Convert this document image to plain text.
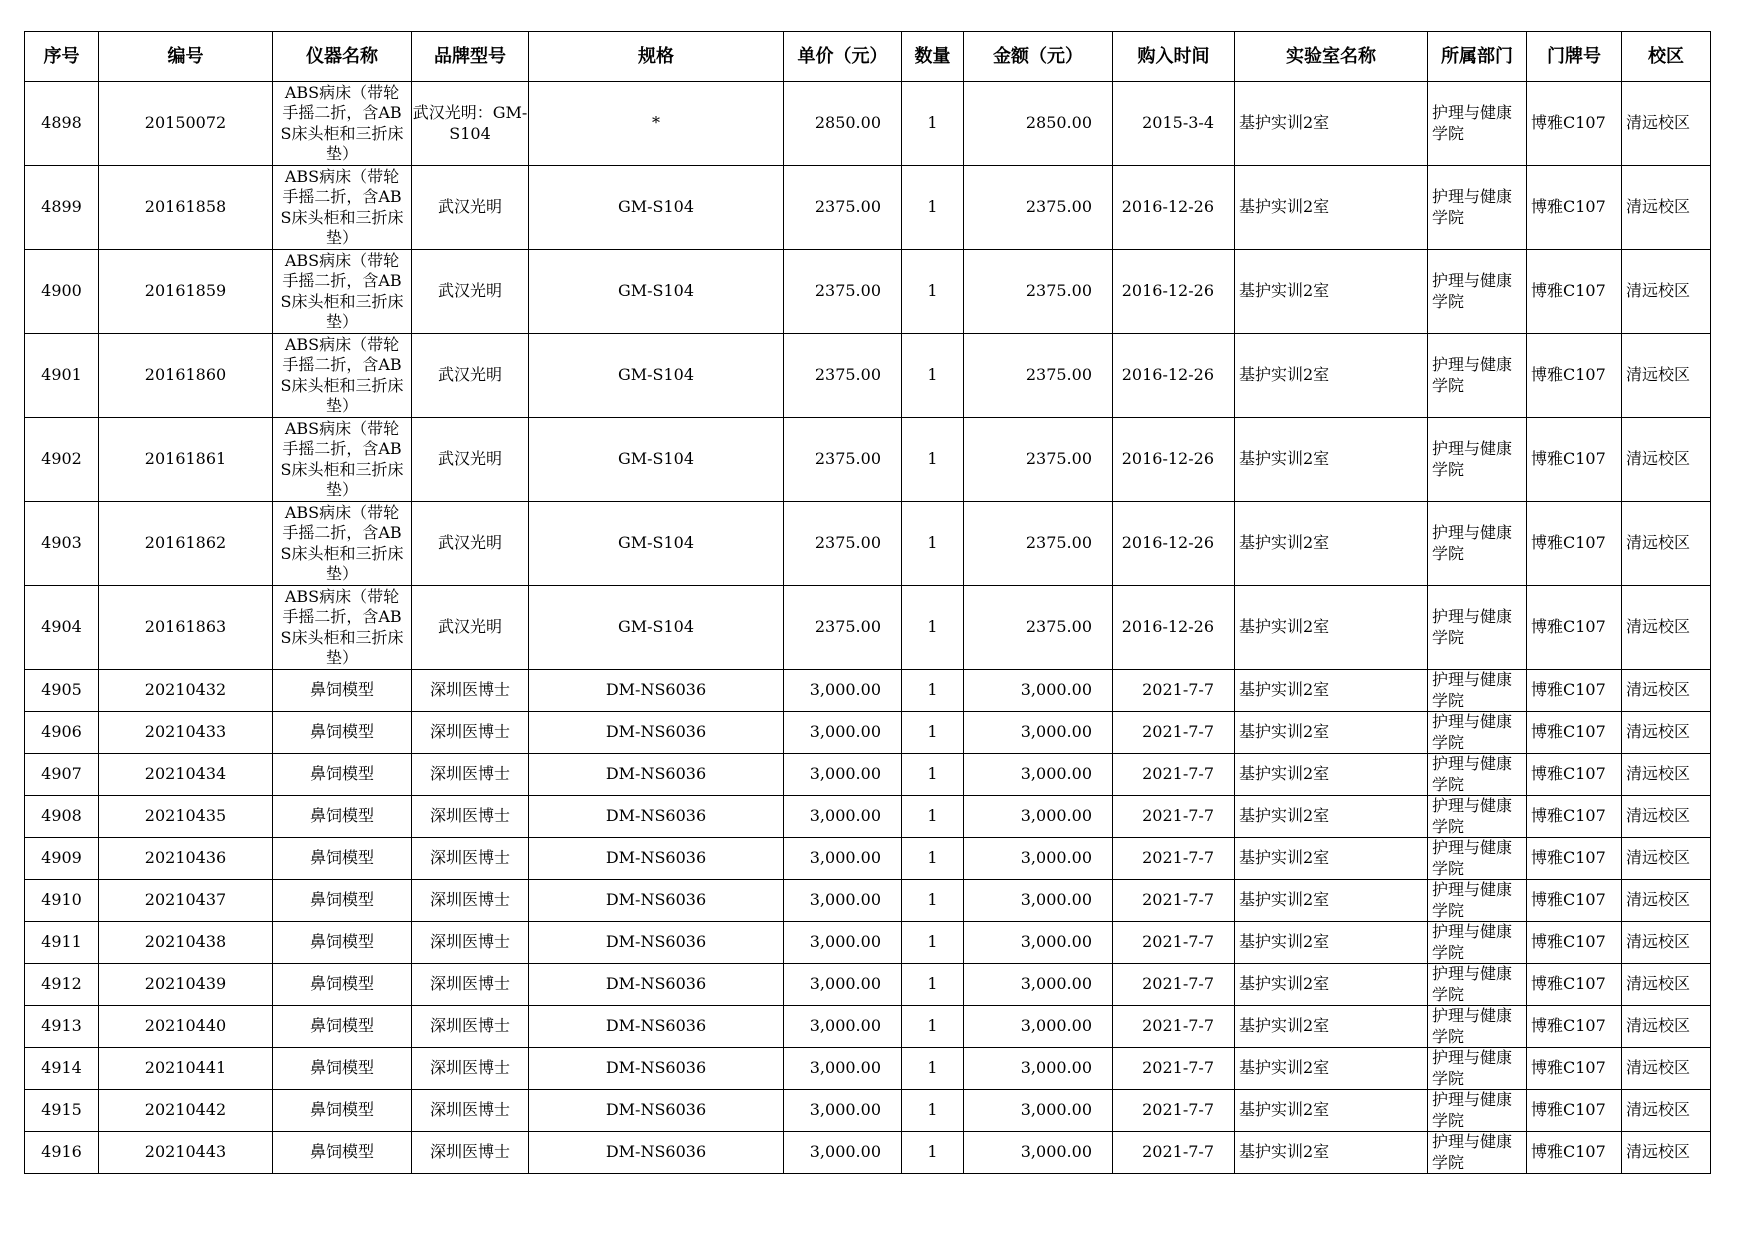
序号	编号	仪器名称	品牌型号	规格	单价（元）	数量	金额（元）	购入时间	实验室名称	所属部门	门牌号	校区
4898	20150072	ABS病床（带轮手摇二折，含ABS床头柜和三折床垫）	武汉光明：GM-S104	*	2850.00	1	2850.00	2015-3-4	基护实训2室	护理与健康学院	博雅C107	清远校区
4899	20161858	ABS病床（带轮手摇二折，含ABS床头柜和三折床垫）	武汉光明	GM-S104	2375.00	1	2375.00	2016-12-26	基护实训2室	护理与健康学院	博雅C107	清远校区
4900	20161859	ABS病床（带轮手摇二折，含ABS床头柜和三折床垫）	武汉光明	GM-S104	2375.00	1	2375.00	2016-12-26	基护实训2室	护理与健康学院	博雅C107	清远校区
4901	20161860	ABS病床（带轮手摇二折，含ABS床头柜和三折床垫）	武汉光明	GM-S104	2375.00	1	2375.00	2016-12-26	基护实训2室	护理与健康学院	博雅C107	清远校区
4902	20161861	ABS病床（带轮手摇二折，含ABS床头柜和三折床垫）	武汉光明	GM-S104	2375.00	1	2375.00	2016-12-26	基护实训2室	护理与健康学院	博雅C107	清远校区
4903	20161862	ABS病床（带轮手摇二折，含ABS床头柜和三折床垫）	武汉光明	GM-S104	2375.00	1	2375.00	2016-12-26	基护实训2室	护理与健康学院	博雅C107	清远校区
4904	20161863	ABS病床（带轮手摇二折，含ABS床头柜和三折床垫）	武汉光明	GM-S104	2375.00	1	2375.00	2016-12-26	基护实训2室	护理与健康学院	博雅C107	清远校区
4905	20210432	鼻饲模型	深圳医博士	DM-NS6036	3,000.00	1	3,000.00	2021-7-7	基护实训2室	护理与健康学院	博雅C107	清远校区
4906	20210433	鼻饲模型	深圳医博士	DM-NS6036	3,000.00	1	3,000.00	2021-7-7	基护实训2室	护理与健康学院	博雅C107	清远校区
4907	20210434	鼻饲模型	深圳医博士	DM-NS6036	3,000.00	1	3,000.00	2021-7-7	基护实训2室	护理与健康学院	博雅C107	清远校区
4908	20210435	鼻饲模型	深圳医博士	DM-NS6036	3,000.00	1	3,000.00	2021-7-7	基护实训2室	护理与健康学院	博雅C107	清远校区
4909	20210436	鼻饲模型	深圳医博士	DM-NS6036	3,000.00	1	3,000.00	2021-7-7	基护实训2室	护理与健康学院	博雅C107	清远校区
4910	20210437	鼻饲模型	深圳医博士	DM-NS6036	3,000.00	1	3,000.00	2021-7-7	基护实训2室	护理与健康学院	博雅C107	清远校区
4911	20210438	鼻饲模型	深圳医博士	DM-NS6036	3,000.00	1	3,000.00	2021-7-7	基护实训2室	护理与健康学院	博雅C107	清远校区
4912	20210439	鼻饲模型	深圳医博士	DM-NS6036	3,000.00	1	3,000.00	2021-7-7	基护实训2室	护理与健康学院	博雅C107	清远校区
4913	20210440	鼻饲模型	深圳医博士	DM-NS6036	3,000.00	1	3,000.00	2021-7-7	基护实训2室	护理与健康学院	博雅C107	清远校区
4914	20210441	鼻饲模型	深圳医博士	DM-NS6036	3,000.00	1	3,000.00	2021-7-7	基护实训2室	护理与健康学院	博雅C107	清远校区
4915	20210442	鼻饲模型	深圳医博士	DM-NS6036	3,000.00	1	3,000.00	2021-7-7	基护实训2室	护理与健康学院	博雅C107	清远校区
4916	20210443	鼻饲模型	深圳医博士	DM-NS6036	3,000.00	1	3,000.00	2021-7-7	基护实训2室	护理与健康学院	博雅C107	清远校区
